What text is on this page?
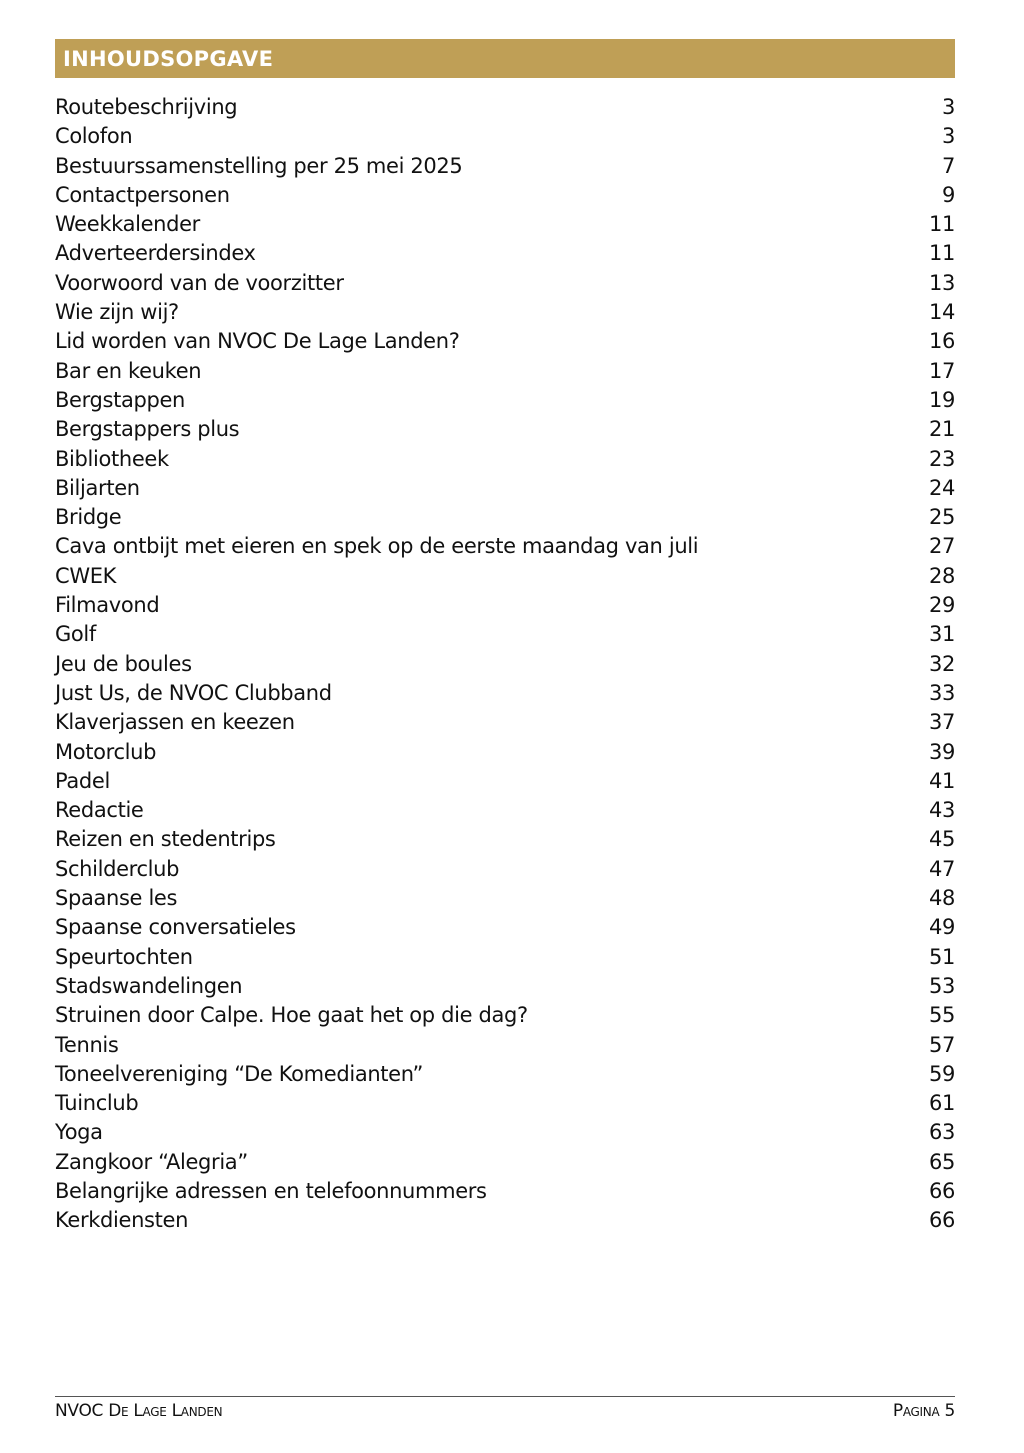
INHOUDSOPGAVE
Routebeschrijving	3
Colofon	3
Bestuurssamenstelling per 25 mei 2025	7
Contactpersonen	9
Weekkalender	11
Adverteerdersindex	11
Voorwoord van de voorzitter	13
Wie zijn wij?	14
Lid worden van NVOC De Lage Landen?	16
Bar en keuken	17
Bergstappen	19
Bergstappers plus	21
Bibliotheek	23
Biljarten	24
Bridge	25
Cava ontbijt met eieren en spek op de eerste maandag van juli	27
CWEK	28
Filmavond	29
Golf	31
Jeu de boules	32
Just Us, de NVOC Clubband	33
Klaverjassen en keezen	37
Motorclub	39
Padel	41
Redactie	43
Reizen en stedentrips	45
Schilderclub	47
Spaanse les	48
Spaanse conversatieles	49
Speurtochten	51
Stadswandelingen	53
Struinen door Calpe. Hoe gaat het op die dag?	55
Tennis	57
Toneelvereniging “De Komedianten”	59
Tuinclub	61
Yoga	63
Zangkoor “Alegria”	65
Belangrijke adressen en telefoonnummers	66
Kerkdiensten	66
NVOC De Lage Landen	Pagina 5
